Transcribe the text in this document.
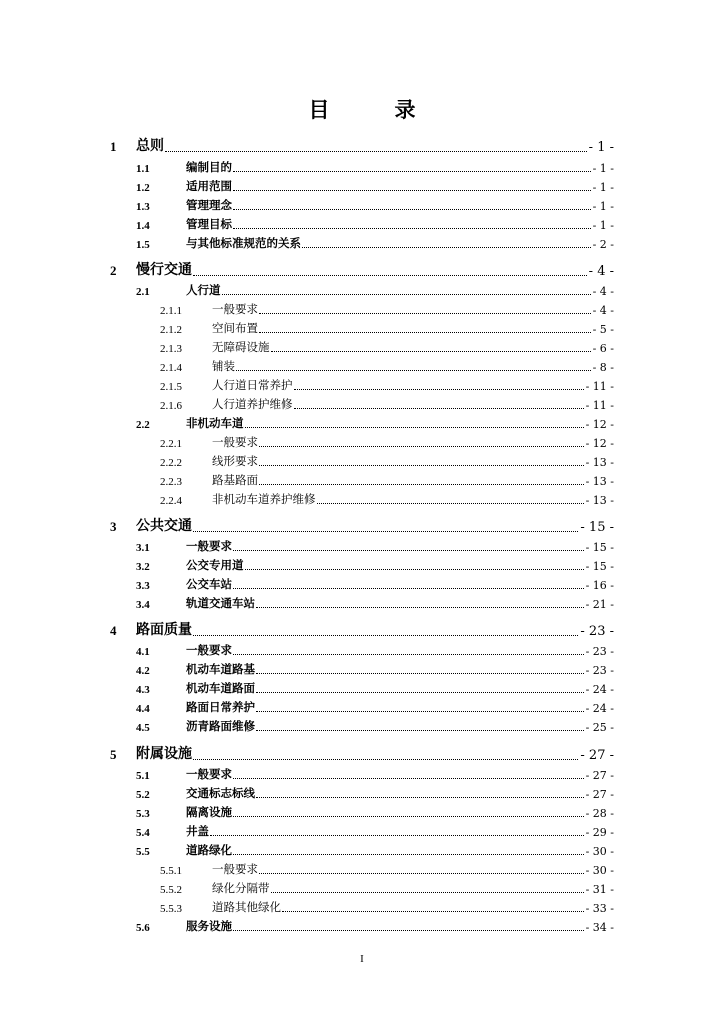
目　录
1 总则	- 1 -
1.1	编制目的	- 1 -
1.2	适用范围	- 1 -
1.3	管理理念	- 1 -
1.4	管理目标	- 1 -
1.5	与其他标准规范的关系	- 2 -
2 慢行交通	- 4 -
2.1	人行道	- 4 -
2.1.1	一般要求	- 4 -
2.1.2	空间布置	- 5 -
2.1.3	无障碍设施	- 6 -
2.1.4	铺装	- 8 -
2.1.5	人行道日常养护	- 11 -
2.1.6	人行道养护维修	- 11 -
2.2	非机动车道	- 12 -
2.2.1	一般要求	- 12 -
2.2.2	线形要求	- 13 -
2.2.3	路基路面	- 13 -
2.2.4	非机动车道养护维修	- 13 -
3 公共交通	- 15 -
3.1	一般要求	- 15 -
3.2	公交专用道	- 15 -
3.3	公交车站	- 16 -
3.4	轨道交通车站	- 21 -
4 路面质量	- 23 -
4.1	一般要求	- 23 -
4.2	机动车道路基	- 23 -
4.3	机动车道路面	- 24 -
4.4	路面日常养护	- 24 -
4.5	沥青路面维修	- 25 -
5 附属设施	- 27 -
5.1	一般要求	- 27 -
5.2	交通标志标线	- 27 -
5.3	隔离设施	- 28 -
5.4	井盖	- 29 -
5.5	道路绿化	- 30 -
5.5.1	一般要求	- 30 -
5.5.2	绿化分隔带	- 31 -
5.5.3	道路其他绿化	- 33 -
5.6	服务设施	- 34 -
I
